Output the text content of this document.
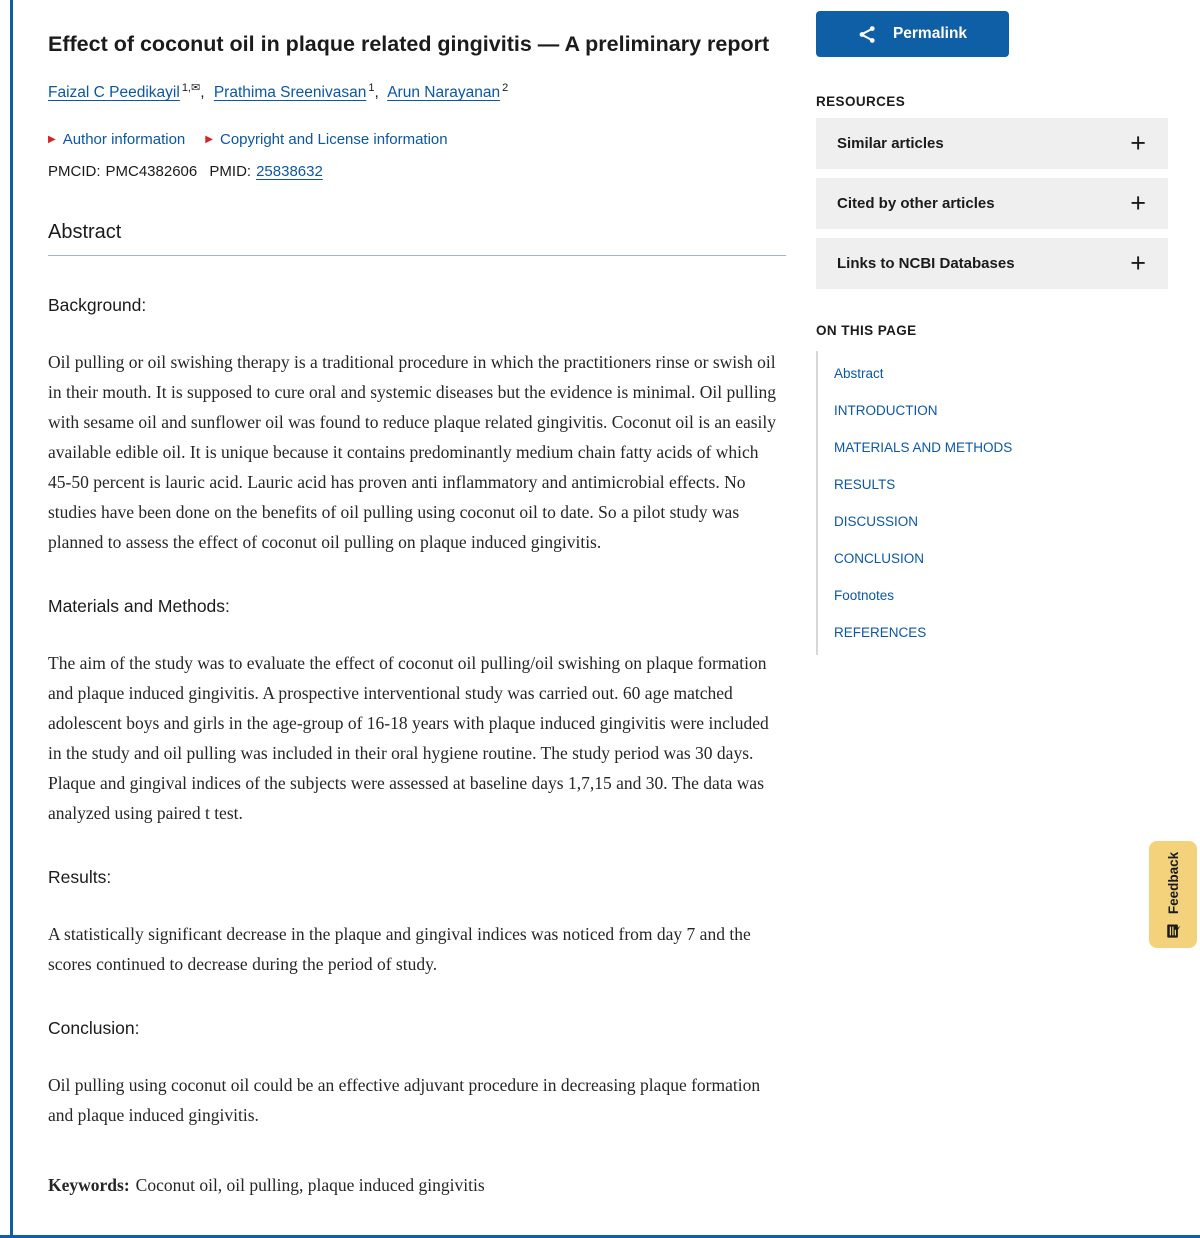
Effect of coconut oil in plaque related gingivitis — A preliminary report
Faizal C Peedikayil $^{1,✉}$, Prathima Sreenivasan $^1$, Arun Narayanan $^2$
▶ Author information ▶ Copyright and License information
PMCID: PMC4382606 PMID: 25838632
Abstract
Background:

Oil pulling or oil swishing therapy is a traditional procedure in which the practitioners rinse or swish oil in their mouth. It is supposed to cure oral and systemic diseases but the evidence is minimal. Oil pulling with sesame oil and sunflower oil was found to reduce plaque related gingivitis. Coconut oil is an easily available edible oil. It is unique because it contains predominantly medium chain fatty acids of which 45-50 percent is lauric acid. Lauric acid has proven anti inflammatory and antimicrobial effects. No studies have been done on the benefits of oil pulling using coconut oil to date. So a pilot study was planned to assess the effect of coconut oil pulling on plaque induced gingivitis.

Materials and Methods:

The aim of the study was to evaluate the effect of coconut oil pulling/oil swishing on plaque formation and plaque induced gingivitis. A prospective interventional study was carried out. 60 age matched adolescent boys and girls in the age-group of 16-18 years with plaque induced gingivitis were included in the study and oil pulling was included in their oral hygiene routine. The study period was 30 days. Plaque and gingival indices of the subjects were assessed at baseline days 1,7,15 and 30. The data was analyzed using paired t test.

Results:

A statistically significant decrease in the plaque and gingival indices was noticed from day 7 and the scores continued to decrease during the period of study.

Conclusion:

Oil pulling using coconut oil could be an effective adjuvant procedure in decreasing plaque formation and plaque induced gingivitis.

Keywords: Coconut oil, oil pulling, plaque induced gingivitis

Permalink
RESOURCES
Similar articles	+
Cited by other articles	+
Links to NCBI Databases	+
ON THIS PAGE
Abstract
INTRODUCTION
MATERIALS AND METHODS
RESULTS
DISCUSSION
CONCLUSION
Footnotes
REFERENCES
Feedback
